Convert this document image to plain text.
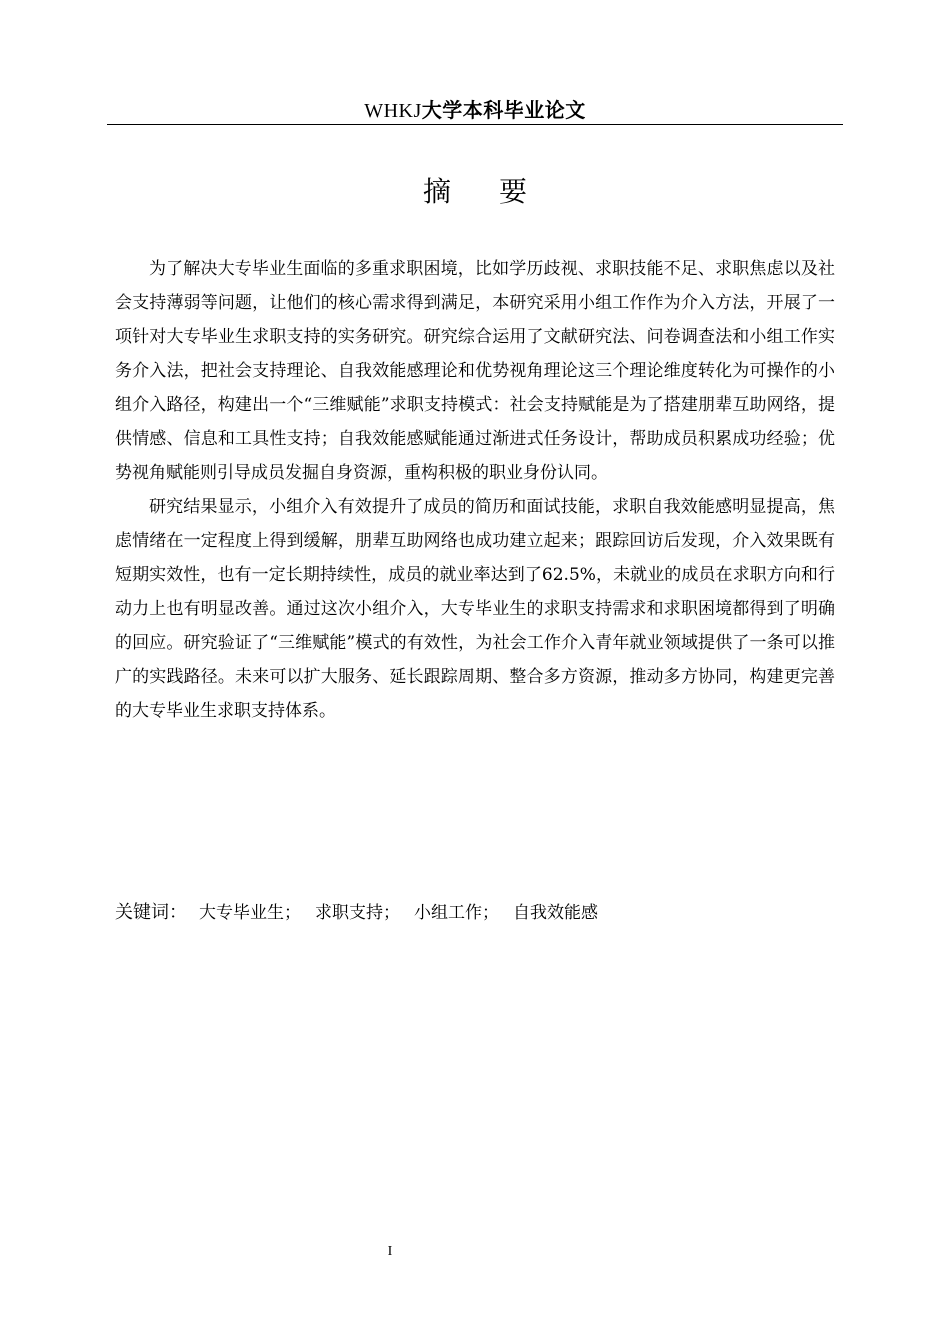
WHKJ大学本科毕业论文
摘要

为了解决大专毕业生面临的多重求职困境，比如学历歧视、求职技能不足、求职焦虑以及社会支持薄弱等问题，让他们的核心需求得到满足，本研究采用小组工作作为介入方法，开展了一项针对大专毕业生求职支持的实务研究。研究综合运用了文献研究法、问卷调查法和小组工作实务介入法，把社会支持理论、自我效能感理论和优势视角理论这三个理论维度转化为可操作的小组介入路径，构建出一个“三维赋能”求职支持模式：社会支持赋能是为了搭建朋辈互助网络，提供情感、信息和工具性支持；自我效能感赋能通过渐进式任务设计，帮助成员积累成功经验；优势视角赋能则引导成员发掘自身资源，重构积极的职业身份认同。

研究结果显示，小组介入有效提升了成员的简历和面试技能，求职自我效能感明显提高，焦虑情绪在一定程度上得到缓解，朋辈互助网络也成功建立起来；跟踪回访后发现，介入效果既有短期实效性，也有一定长期持续性，成员的就业率达到了62.5%，未就业的成员在求职方向和行动力上也有明显改善。通过这次小组介入，大专毕业生的求职支持需求和求职困境都得到了明确的回应。研究验证了“三维赋能”模式的有效性，为社会工作介入青年就业领域提供了一条可以推广的实践路径。未来可以扩大服务、延长跟踪周期、整合多方资源，推动多方协同，构建更完善的大专毕业生求职支持体系。

关键词： 大专毕业生； 求职支持； 小组工作； 自我效能感
I
